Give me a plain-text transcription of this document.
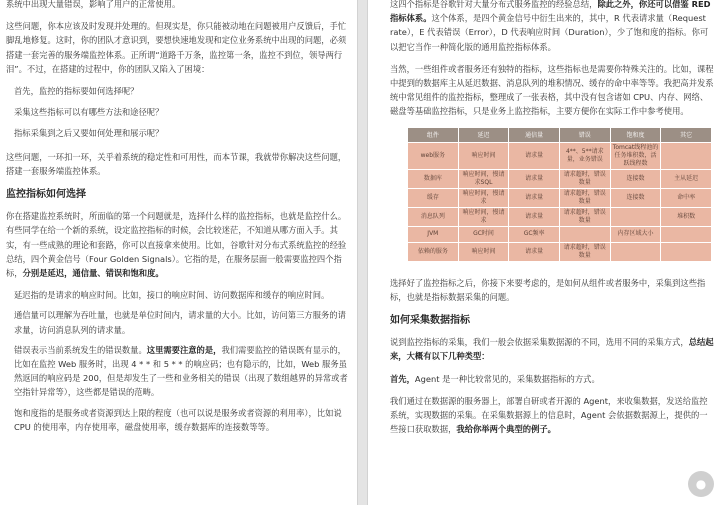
系统中出现大量错误，影响了用户的正常使用。

这些问题，你本应该及时发现并处理的。但现实是，你只能被动地在问题被用户反馈后，手忙脚乱地修复。这时，你的团队才意识到，要想快速地发现和定位业务系统中出现的问题，必须搭建一套完善的服务端监控体系。正所谓“道路千万条，监控第一条，监控不到位，领导两行泪”。不过，在搭建的过程中，你的团队又陷入了困境：

首先，监控的指标要如何选择呢？
采集这些指标可以有哪些方法和途径呢？
指标采集到之后又要如何处理和展示呢？

这些问题，一环扣一环，关乎着系统的稳定性和可用性，而本节课，我就带你解决这些问题，搭建一套服务端监控体系。

监控指标如何选择

你在搭建监控系统时，所面临的第一个问题就是，选择什么样的监控指标，也就是监控什么。有些同学在给一个新的系统，设定监控指标的时候，会比较迷茫，不知道从哪方面入手。其实，有一些成熟的理论和套路，你可以直接拿来使用。比如，谷歌针对分布式系统监控的经验总结，四个黄金信号（Four Golden Signals）。它指的是，在服务层面一般需要监控四个指标，分别是延迟，通信量、错误和饱和度。

延迟指的是请求的响应时间。比如，接口的响应时间、访问数据库和缓存的响应时间。
通信量可以理解为吞吐量，也就是单位时间内，请求量的大小。比如，访问第三方服务的请求量，访问消息队列的请求量。
错误表示当前系统发生的错误数量。这里需要注意的是，我们需要监控的错误既有显示的，比如在监控 Web 服务时，出现 4 * * 和 5 * * 的响应码；也有隐示的，比如，Web 服务虽然返回的响应码是 200，但是却发生了一些和业务相关的错误（出现了数组越界的异常或者空指针异常等），这些都是错误的范畴。
饱和度指的是服务或者资源到达上限的程度（也可以说是服务或者资源的利用率），比如说 CPU 的使用率，内存使用率，磁盘使用率，缓存数据库的连接数等等。

这四个指标是谷歌针对大量分布式服务监控的经验总结，除此之外，你还可以借鉴 RED 指标体系。这个体系，是四个黄金信号中衍生出来的，其中，R 代表请求量（Request rate），E 代表错误（Error），D 代表响应时间（Duration），少了饱和度的指标。你可以把它当作一种简化版的通用监控指标体系。

当然，一些组件或者服务还有独特的指标，这些指标也是需要你特殊关注的。比如，课程中提到的数据库主从延迟数据、消息队列的堆积情况、缓存的命中率等等。我把高并发系统中常见组件的监控指标，整理成了一张表格，其中没有包含诸如 CPU、内存、网络、磁盘等基础监控指标，只是业务上监控指标，主要方便你在实际工作中参考使用。

组件	延迟	通信量	错误	饱和度	其它
web服务	响应时间	请求量	4**、5**请求量，业务错误	Tomcat线程池的任务堆积数，活跃线程数	
数据库	响应时间，慢请求SQL	请求量	请求超时，错误数量	连接数	主从延迟
缓存	响应时间，慢请求	请求量	请求超时，错误数量	连接数	命中率
消息队列	响应时间，慢请求	请求量	请求超时，错误数量		堆积数
JVM	GC时间	GC频率		内存区域大小	
依赖的服务	响应时间	请求量	请求超时，错误数量		

选择好了监控指标之后，你接下来要考虑的，是如何从组件或者服务中，采集到这些指标，也就是指标数据采集的问题。

如何采集数据指标

说到监控指标的采集，我们一般会依据采集数据源的不同，选用不同的采集方式，总结起来，大概有以下几种类型：

首先，Agent 是一种比较常见的，采集数据指标的方式。

我们通过在数据源的服务器上，部署自研或者开源的 Agent，来收集数据，发送给监控系统，实现数据的采集。在采集数据源上的信息时，Agent 会依据数据源上，提供的一些接口获取数据，我给你举两个典型的例子。

●
